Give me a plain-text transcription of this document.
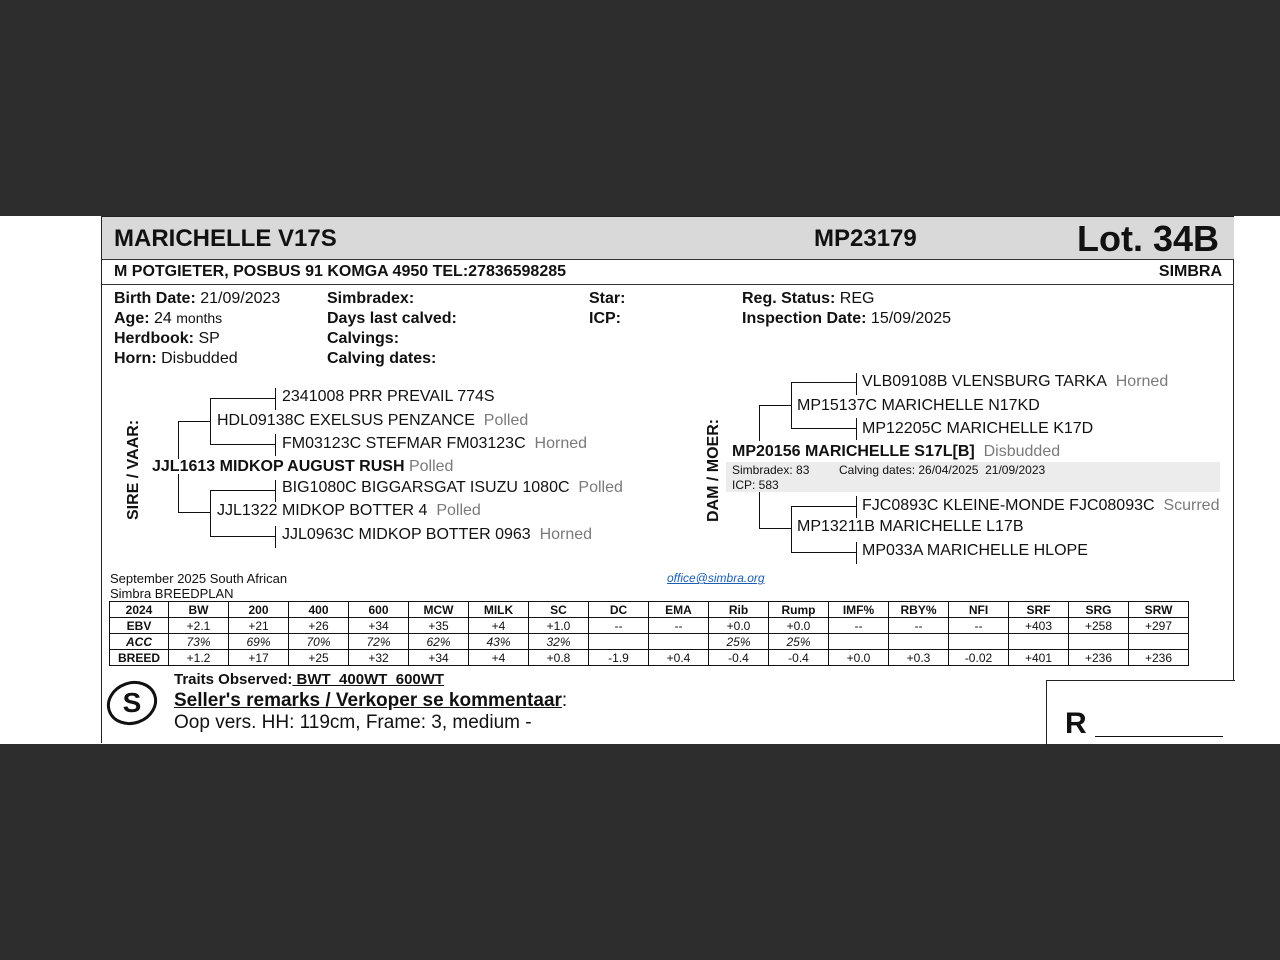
MARICHELLE V17S	MP23179	Lot. 34B
M POTGIETER, POSBUS 91 KOMGA 4950 TEL:27836598285	SIMBRA
Birth Date: 21/09/2023
Age: 24 months
Herdbook: SP
Horn: Disbudded
Simbradex:
Days last calved:
Calvings:
Calving dates:
Star:
ICP:
Reg. Status: REG
Inspection Date: 15/09/2025
SIRE / VAAR:
2341008 PRR PREVAIL 774S
HDL09138C EXELSUS PENZANCE Polled
FM03123C STEFMAR FM03123C Horned
JJL1613 MIDKOP AUGUST RUSH Polled
BIG1080C BIGGARSGAT ISUZU 1080C Polled
JJL1322 MIDKOP BOTTER 4 Polled
JJL0963C MIDKOP BOTTER 0963 Horned
DAM / MOER:
VLB09108B VLENSBURG TARKA Horned
MP15137C MARICHELLE N17KD
MP12205C MARICHELLE K17D
MP20156 MARICHELLE S17L[B] Disbudded
Simbradex: 83 Calving dates: 26/04/2025  21/09/2023
ICP: 583
FJC0893C KLEINE-MONDE FJC08093C Scurred
MP13211B MARICHELLE L17B
MP033A MARICHELLE HLOPE
September 2025 South African
Simbra BREEDPLAN
office@simbra.org
2024	BW	200	400	600	MCW	MILK	SC	DC	EMA	Rib	Rump	IMF%	RBY%	NFI	SRF	SRG	SRW
EBV	+2.1	+21	+26	+34	+35	+4	+1.0	--	--	+0.0	+0.0	--	--	--	+403	+258	+297
ACC	73%	69%	70%	72%	62%	43%	32%			25%	25%						
BREED	+1.2	+17	+25	+32	+34	+4	+0.8	-1.9	+0.4	-0.4	-0.4	+0.0	+0.3	-0.02	+401	+236	+236
S
Traits Observed: BWT  400WT  600WT
Seller's remarks / Verkoper se kommentaar:
Oop vers. HH: 119cm, Frame: 3, medium -	R
